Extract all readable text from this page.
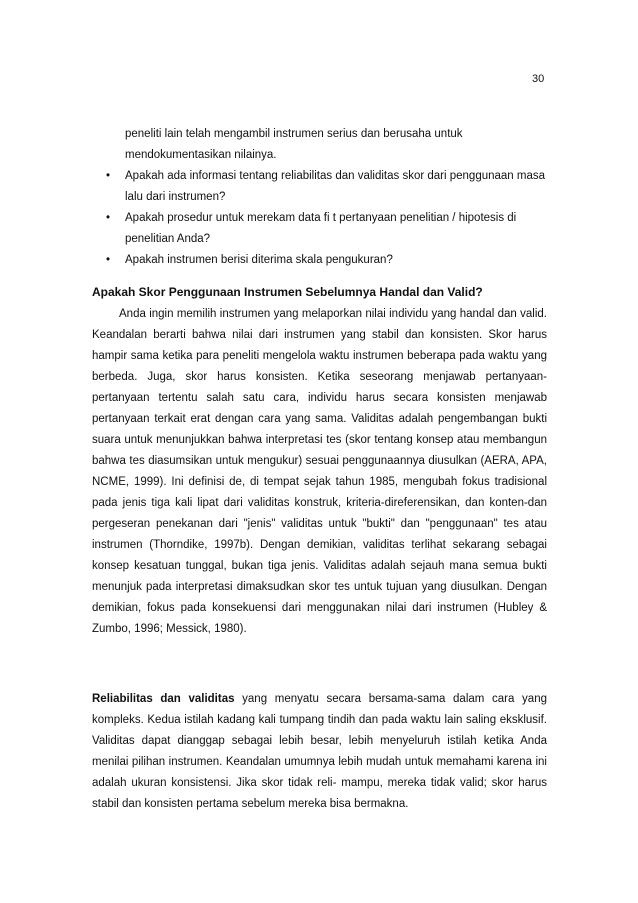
30
peneliti lain telah mengambil instrumen serius dan berusaha untuk mendokumentasikan nilainya.
• Apakah ada informasi tentang reliabilitas dan validitas skor dari penggunaan masa lalu dari instrumen?
• Apakah prosedur untuk merekam data fi t pertanyaan penelitian / hipotesis di penelitian Anda?
• Apakah instrumen berisi diterima skala pengukuran?
Apakah Skor Penggunaan Instrumen Sebelumnya Handal dan Valid?

Anda ingin memilih instrumen yang melaporkan nilai individu yang handal dan valid. Keandalan berarti bahwa nilai dari instrumen yang stabil dan konsisten. Skor harus hampir sama ketika para peneliti mengelola waktu instrumen beberapa pada waktu yang berbeda. Juga, skor harus konsisten. Ketika seseorang menjawab pertanyaan-pertanyaan tertentu salah satu cara, individu harus secara konsisten menjawab pertanyaan terkait erat dengan cara yang sama. Validitas adalah pengembangan bukti suara untuk menunjukkan bahwa interpretasi tes (skor tentang konsep atau membangun bahwa tes diasumsikan untuk mengukur) sesuai penggunaannya diusulkan (AERA, APA, NCME, 1999). Ini definisi de, di tempat sejak tahun 1985, mengubah fokus tradisional pada jenis tiga kali lipat dari validitas konstruk, kriteria-direferensikan, dan konten-dan pergeseran penekanan dari "jenis" validitas untuk "bukti" dan "penggunaan" tes atau instrumen (Thorndike, 1997b). Dengan demikian, validitas terlihat sekarang sebagai konsep kesatuan tunggal, bukan tiga jenis. Validitas adalah sejauh mana semua bukti menunjuk pada interpretasi dimaksudkan skor tes untuk tujuan yang diusulkan. Dengan demikian, fokus pada konsekuensi dari menggunakan nilai dari instrumen (Hubley & Zumbo, 1996; Messick, 1980).

Reliabilitas dan validitas yang menyatu secara bersama-sama dalam cara yang kompleks. Kedua istilah kadang kali tumpang tindih dan pada waktu lain saling eksklusif. Validitas dapat dianggap sebagai lebih besar, lebih menyeluruh istilah ketika Anda menilai pilihan instrumen. Keandalan umumnya lebih mudah untuk memahami karena ini adalah ukuran konsistensi. Jika skor tidak reli- mampu, mereka tidak valid; skor harus stabil dan konsisten pertama sebelum mereka bisa bermakna.
